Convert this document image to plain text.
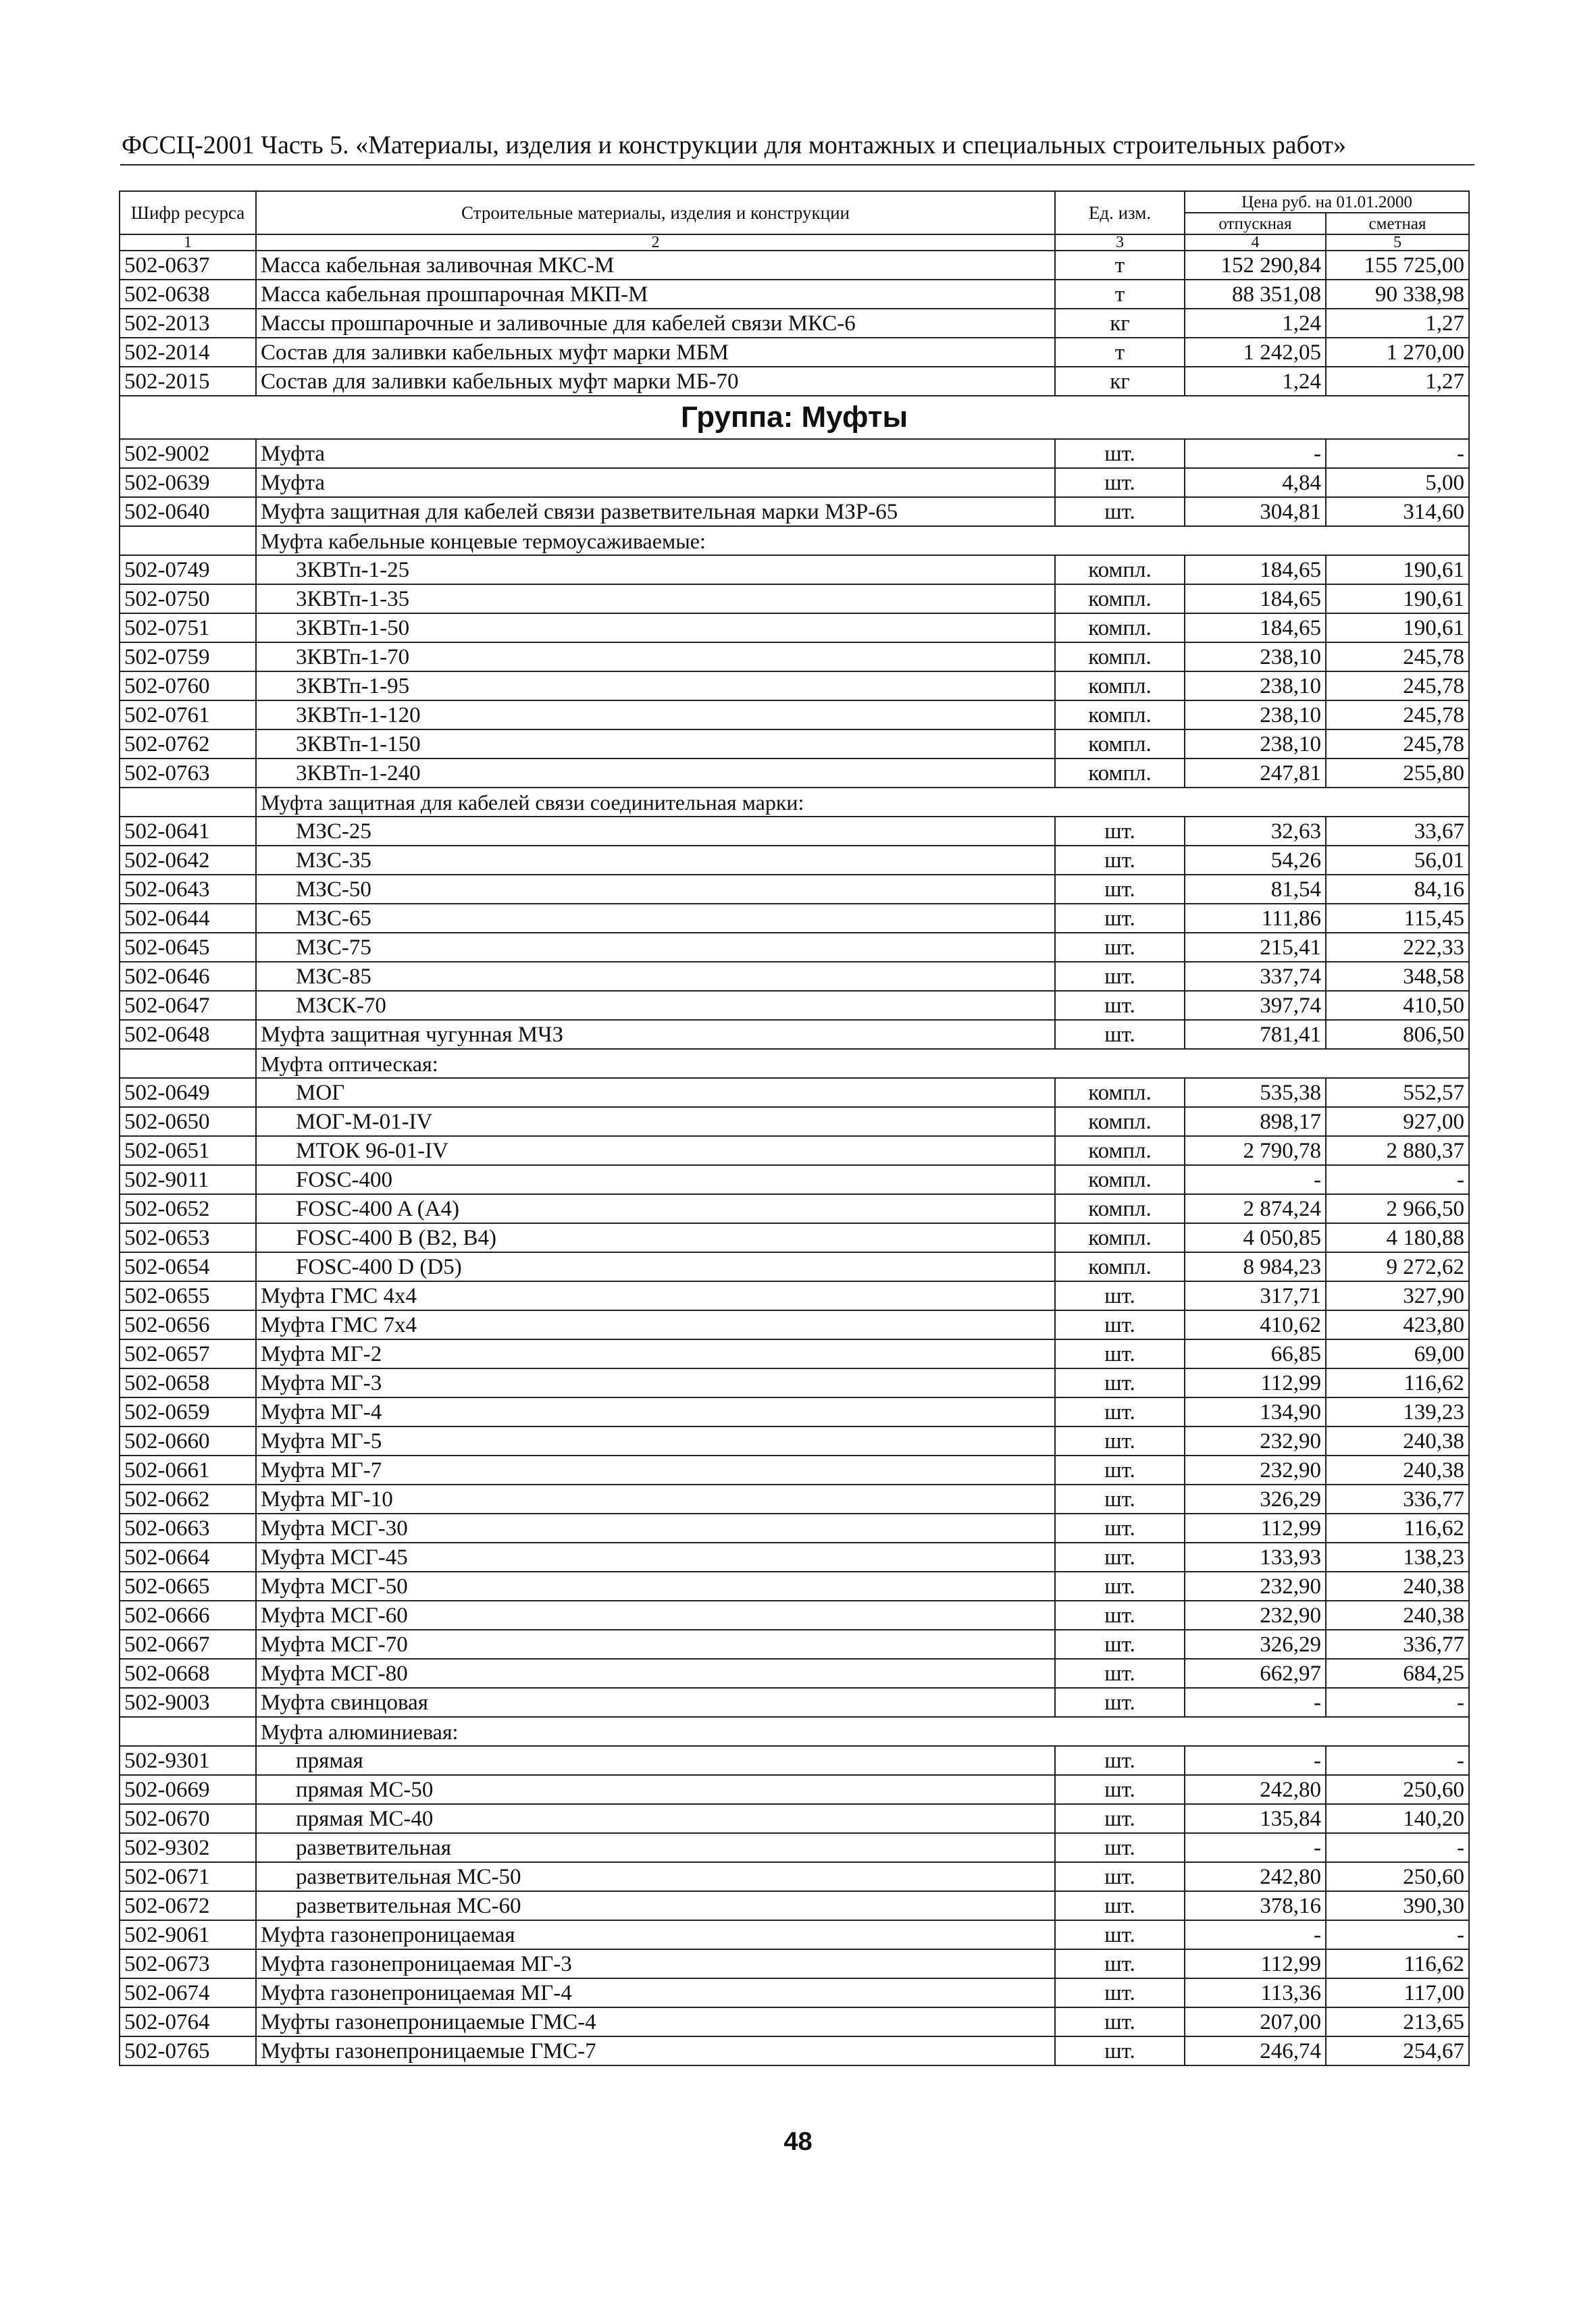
ФССЦ-2001 Часть 5. «Материалы, изделия и конструкции для монтажных и специальных строительных работ»
Шифр ресурса	Строительные материалы, изделия и конструкции	Ед. изм.	Цена руб. на 01.01.2000	
			отпускная	сметная
1	2	3	4	5
502-0637	Масса кабельная заливочная МКС-М	т	152 290,84	155 725,00
502-0638	Масса кабельная прошпарочная МКП-М	т	88 351,08	90 338,98
502-2013	Массы прошпарочные и заливочные для кабелей связи МКС-6	кг	1,24	1,27
502-2014	Состав для заливки кабельных муфт марки МБМ	т	1 242,05	1 270,00
502-2015	Состав для заливки кабельных муфт марки МБ-70	кг	1,24	1,27
Группа: Муфты				
502-9002	Муфта	шт.	-	-
502-0639	Муфта	шт.	4,84	5,00
502-0640	Муфта защитная для кабелей связи разветвительная марки МЗР-65	шт.	304,81	314,60
	Муфта кабельные концевые термоусаживаемые:			
502-0749	3КВТп-1-25	компл.	184,65	190,61
502-0750	3КВТп-1-35	компл.	184,65	190,61
502-0751	3КВТп-1-50	компл.	184,65	190,61
502-0759	3КВТп-1-70	компл.	238,10	245,78
502-0760	3КВТп-1-95	компл.	238,10	245,78
502-0761	3КВТп-1-120	компл.	238,10	245,78
502-0762	3КВТп-1-150	компл.	238,10	245,78
502-0763	3КВТп-1-240	компл.	247,81	255,80
	Муфта защитная для кабелей связи соединительная марки:			
502-0641	МЗС-25	шт.	32,63	33,67
502-0642	МЗС-35	шт.	54,26	56,01
502-0643	МЗС-50	шт.	81,54	84,16
502-0644	МЗС-65	шт.	111,86	115,45
502-0645	МЗС-75	шт.	215,41	222,33
502-0646	МЗС-85	шт.	337,74	348,58
502-0647	МЗСК-70	шт.	397,74	410,50
502-0648	Муфта защитная чугунная МЧЗ	шт.	781,41	806,50
	Муфта оптическая:			
502-0649	МОГ	компл.	535,38	552,57
502-0650	МОГ-М-01-IV	компл.	898,17	927,00
502-0651	МТОК 96-01-IV	компл.	2 790,78	2 880,37
502-9011	FOSC-400	компл.	-	-
502-0652	FOSC-400 A (A4)	компл.	2 874,24	2 966,50
502-0653	FOSC-400 B (B2, B4)	компл.	4 050,85	4 180,88
502-0654	FOSC-400 D (D5)	компл.	8 984,23	9 272,62
502-0655	Муфта ГМС 4x4	шт.	317,71	327,90
502-0656	Муфта ГМС 7x4	шт.	410,62	423,80
502-0657	Муфта МГ-2	шт.	66,85	69,00
502-0658	Муфта МГ-3	шт.	112,99	116,62
502-0659	Муфта МГ-4	шт.	134,90	139,23
502-0660	Муфта МГ-5	шт.	232,90	240,38
502-0661	Муфта МГ-7	шт.	232,90	240,38
502-0662	Муфта МГ-10	шт.	326,29	336,77
502-0663	Муфта МСГ-30	шт.	112,99	116,62
502-0664	Муфта МСГ-45	шт.	133,93	138,23
502-0665	Муфта МСГ-50	шт.	232,90	240,38
502-0666	Муфта МСГ-60	шт.	232,90	240,38
502-0667	Муфта МСГ-70	шт.	326,29	336,77
502-0668	Муфта МСГ-80	шт.	662,97	684,25
502-9003	Муфта свинцовая	шт.	-	-
	Муфта алюминиевая:			
502-9301	прямая	шт.	-	-
502-0669	прямая МС-50	шт.	242,80	250,60
502-0670	прямая МС-40	шт.	135,84	140,20
502-9302	разветвительная	шт.	-	-
502-0671	разветвительная МС-50	шт.	242,80	250,60
502-0672	разветвительная МС-60	шт.	378,16	390,30
502-9061	Муфта газонепроницаемая	шт.	-	-
502-0673	Муфта газонепроницаемая МГ-3	шт.	112,99	116,62
502-0674	Муфта газонепроницаемая МГ-4	шт.	113,36	117,00
502-0764	Муфты газонепроницаемые ГМС-4	шт.	207,00	213,65
502-0765	Муфты газонепроницаемые ГМС-7	шт.	246,74	254,67
48
